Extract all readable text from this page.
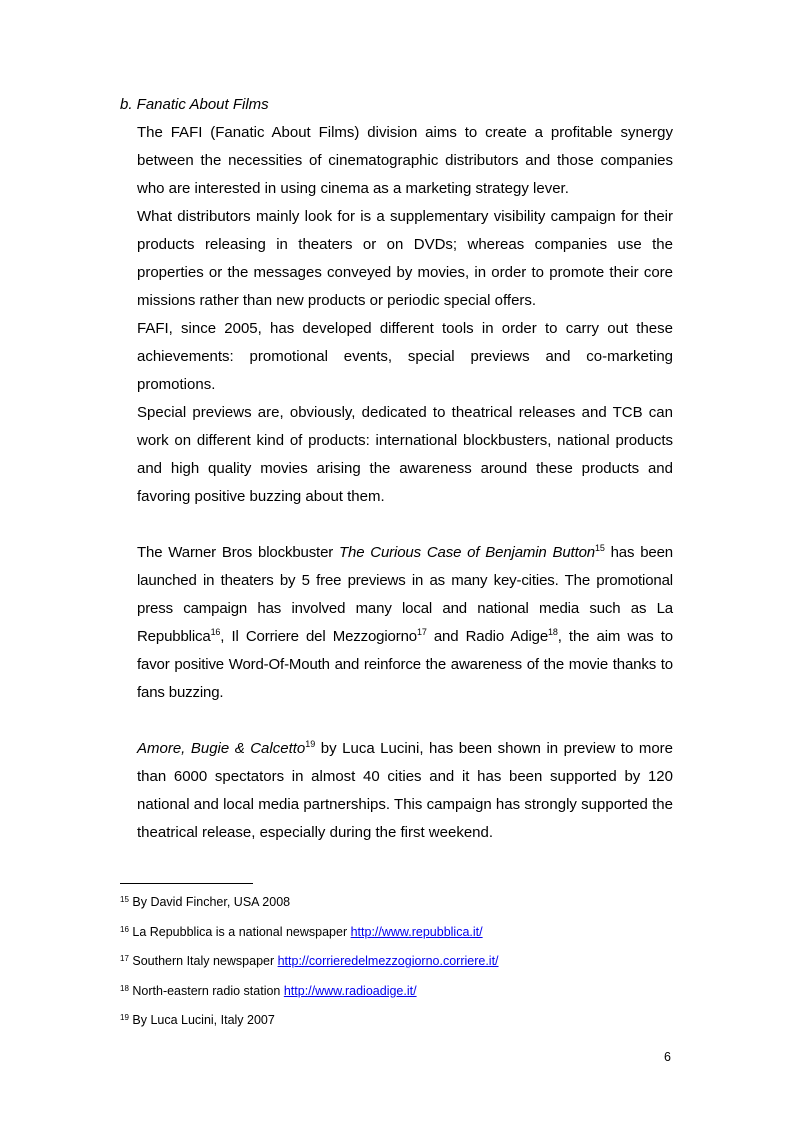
b. Fanatic About Films

The FAFI (Fanatic About Films) division aims to create a profitable synergy between the necessities of cinematographic distributors and those companies who are interested in using cinema as a marketing strategy lever.

What distributors mainly look for is a supplementary visibility campaign for their products releasing in theaters or on DVDs; whereas companies use the properties or the messages conveyed by movies, in order to promote their core missions rather than new products or periodic special offers.

FAFI, since 2005, has developed different tools in order to carry out these achievements: promotional events, special previews and co-marketing promotions.

Special previews are, obviously, dedicated to theatrical releases and TCB can work on different kind of products: international blockbusters, national products and high quality movies arising the awareness around these products and favoring positive buzzing about them.

The Warner Bros blockbuster The Curious Case of Benjamin Button$^{15}$ has been launched in theaters by 5 free previews in as many key-cities. The promotional press campaign has involved many local and national media such as La Repubblica$^{16}$, Il Corriere del Mezzogiorno$^{17}$ and Radio Adige$^{18}$, the aim was to favor positive Word-Of-Mouth and reinforce the awareness of the movie thanks to fans buzzing.

Amore, Bugie & Calcetto$^{19}$ by Luca Lucini, has been shown in preview to more than 6000 spectators in almost 40 cities and it has been supported by 120 national and local media partnerships. This campaign has strongly supported the theatrical release, especially during the first weekend.

$^{15}$ By David Fincher, USA 2008
$^{16}$ La Repubblica is a national newspaper http://www.repubblica.it/
$^{17}$ Southern Italy newspaper http://corrieredelmezzogiorno.corriere.it/
$^{18}$ North-eastern radio station http://www.radioadige.it/
$^{19}$ By Luca Lucini, Italy 2007
6
